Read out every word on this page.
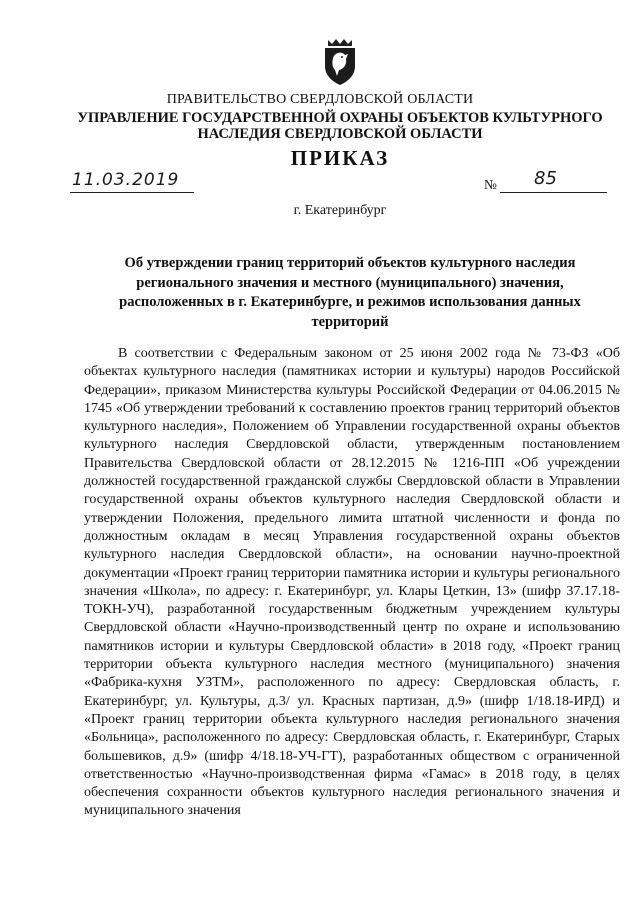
ПРАВИТЕЛЬСТВО СВЕРДЛОВСКОЙ ОБЛАСТИ
УПРАВЛЕНИЕ ГОСУДАРСТВЕННОЙ ОХРАНЫ ОБЪЕКТОВ КУЛЬТУРНОГО НАСЛЕДИЯ СВЕРДЛОВСКОЙ ОБЛАСТИ
ПРИКАЗ
11.03.2019	№ 85
г. Екатеринбург
Об утверждении границ территорий объектов культурного наследия регионального значения и местного (муниципального) значения, расположенных в г. Екатеринбурге, и режимов использования данных территорий
В соответствии с Федеральным законом от 25 июня 2002 года № 73-ФЗ «Об объектах культурного наследия (памятниках истории и культуры) народов Российской Федерации», приказом Министерства культуры Российской Федерации от 04.06.2015 № 1745 «Об утверждении требований к составлению проектов границ территорий объектов культурного наследия», Положением об Управлении государственной охраны объектов культурного наследия Свердловской области, утвержденным постановлением Правительства Свердловской области от 28.12.2015 № 1216-ПП «Об учреждении должностей государственной гражданской службы Свердловской области в Управлении государственной охраны объектов культурного наследия Свердловской области и утверждении Положения, предельного лимита штатной численности и фонда по должностным окладам в месяц Управления государственной охраны объектов культурного наследия Свердловской области», на основании научно-проектной документации «Проект границ территории памятника истории и культуры регионального значения «Школа», по адресу: г. Екатеринбург, ул. Клары Цеткин, 13» (шифр 37.17.18-ТОКН-УЧ), разработанной государственным бюджетным учреждением культуры Свердловской области «Научно-производственный центр по охране и использованию памятников истории и культуры Свердловской области» в 2018 году, «Проект границ территории объекта культурного наследия местного (муниципального) значения «Фабрика-кухня УЗТМ», расположенного по адресу: Свердловская область, г. Екатеринбург, ул. Культуры, д.3/ ул. Красных партизан, д.9» (шифр 1/18.18-ИРД) и «Проект границ территории объекта культурного наследия регионального значения «Больница», расположенного по адресу: Свердловская область, г. Екатеринбург, Старых большевиков, д.9» (шифр 4/18.18-УЧ-ГТ), разработанных обществом с ограниченной ответственностью «Научно-производственная фирма «Гамас» в 2018 году, в целях обеспечения сохранности объектов культурного наследия регионального значения и муниципального значения
